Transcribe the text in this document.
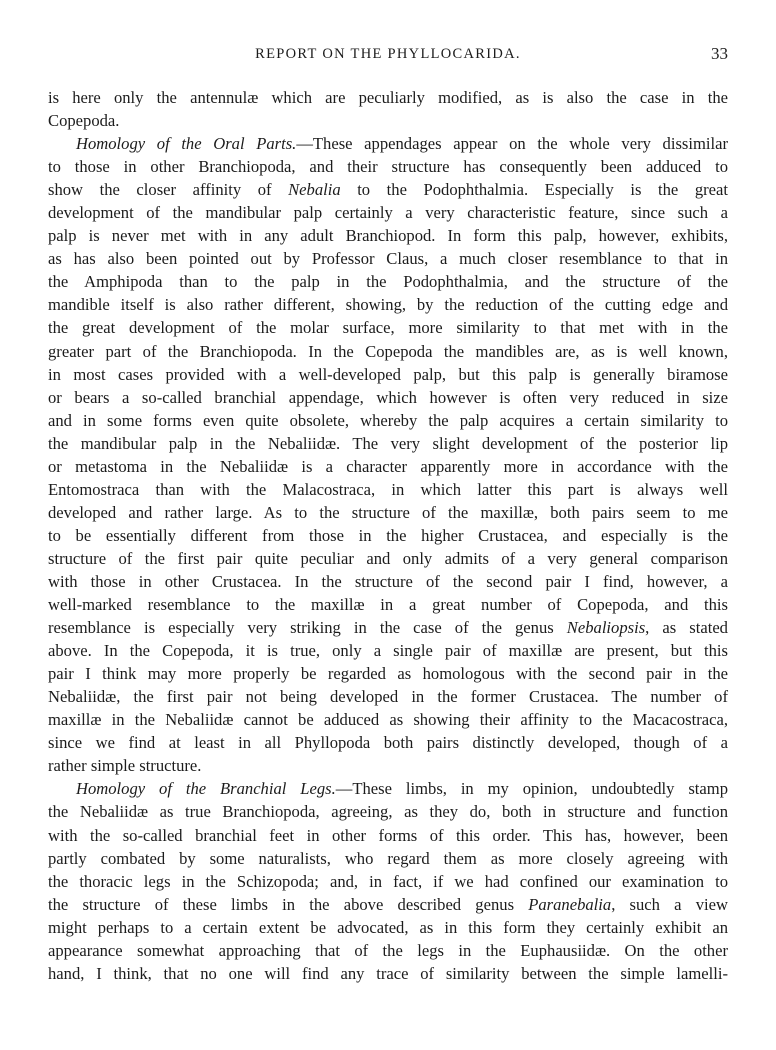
REPORT ON THE PHYLLOCARIDA.	33
is here only the antennulæ which are peculiarly modified, as is also the case in the
Copepoda.
Homology of the Oral Parts.—These appendages appear on the whole very dissimilar
to those in other Branchiopoda, and their structure has consequently been adduced to
show the closer affinity of Nebalia to the Podophthalmia. Especially is the great
development of the mandibular palp certainly a very characteristic feature, since such a
palp is never met with in any adult Branchiopod. In form this palp, however, exhibits,
as has also been pointed out by Professor Claus, a much closer resemblance to that in
the Amphipoda than to the palp in the Podophthalmia, and the structure of the
mandible itself is also rather different, showing, by the reduction of the cutting edge and
the great development of the molar surface, more similarity to that met with in the
greater part of the Branchiopoda. In the Copepoda the mandibles are, as is well known,
in most cases provided with a well-developed palp, but this palp is generally biramose
or bears a so-called branchial appendage, which however is often very reduced in size
and in some forms even quite obsolete, whereby the palp acquires a certain similarity to
the mandibular palp in the Nebaliidæ. The very slight development of the posterior lip
or metastoma in the Nebaliidæ is a character apparently more in accordance with the
Entomostraca than with the Malacostraca, in which latter this part is always well
developed and rather large. As to the structure of the maxillæ, both pairs seem to me
to be essentially different from those in the higher Crustacea, and especially is the
structure of the first pair quite peculiar and only admits of a very general comparison
with those in other Crustacea. In the structure of the second pair I find, however, a
well-marked resemblance to the maxillæ in a great number of Copepoda, and this
resemblance is especially very striking in the case of the genus Nebaliopsis, as stated
above. In the Copepoda, it is true, only a single pair of maxillæ are present, but this
pair I think may more properly be regarded as homologous with the second pair in the
Nebaliidæ, the first pair not being developed in the former Crustacea. The number of
maxillæ in the Nebaliidæ cannot be adduced as showing their affinity to the Macacostraca,
since we find at least in all Phyllopoda both pairs distinctly developed, though of a
rather simple structure.
Homology of the Branchial Legs.—These limbs, in my opinion, undoubtedly stamp
the Nebaliidæ as true Branchiopoda, agreeing, as they do, both in structure and function
with the so-called branchial feet in other forms of this order. This has, however, been
partly combated by some naturalists, who regard them as more closely agreeing with
the thoracic legs in the Schizopoda; and, in fact, if we had confined our examination to
the structure of these limbs in the above described genus Paranebalia, such a view
might perhaps to a certain extent be advocated, as in this form they certainly exhibit an
appearance somewhat approaching that of the legs in the Euphausiidæ. On the other
hand, I think, that no one will find any trace of similarity between the simple lamelli-
